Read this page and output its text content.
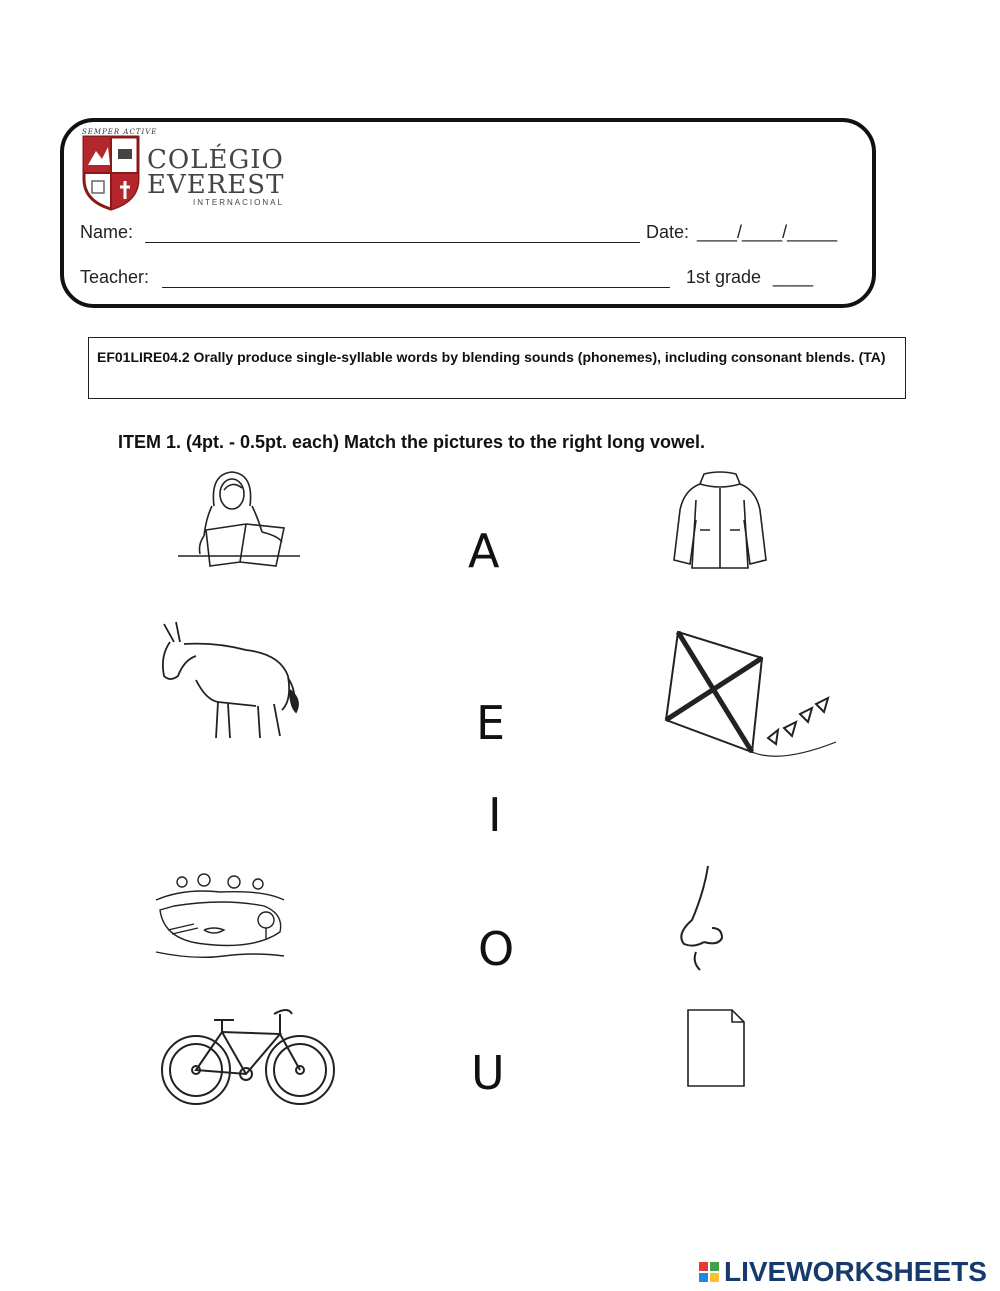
SEMPER ACTIVE
COLÉGIO
EVEREST
INTERNACIONAL
Name:	Date: ____/____/_____
Teacher:	1st grade ____
EF01LIRE04.2 Orally produce single-syllable words by blending sounds (phonemes), including consonant blends. (TA)
ITEM 1. (4pt. - 0.5pt. each) Match the pictures to the right long vowel.
A
E
I
O
U
LIVEWORKSHEETS
